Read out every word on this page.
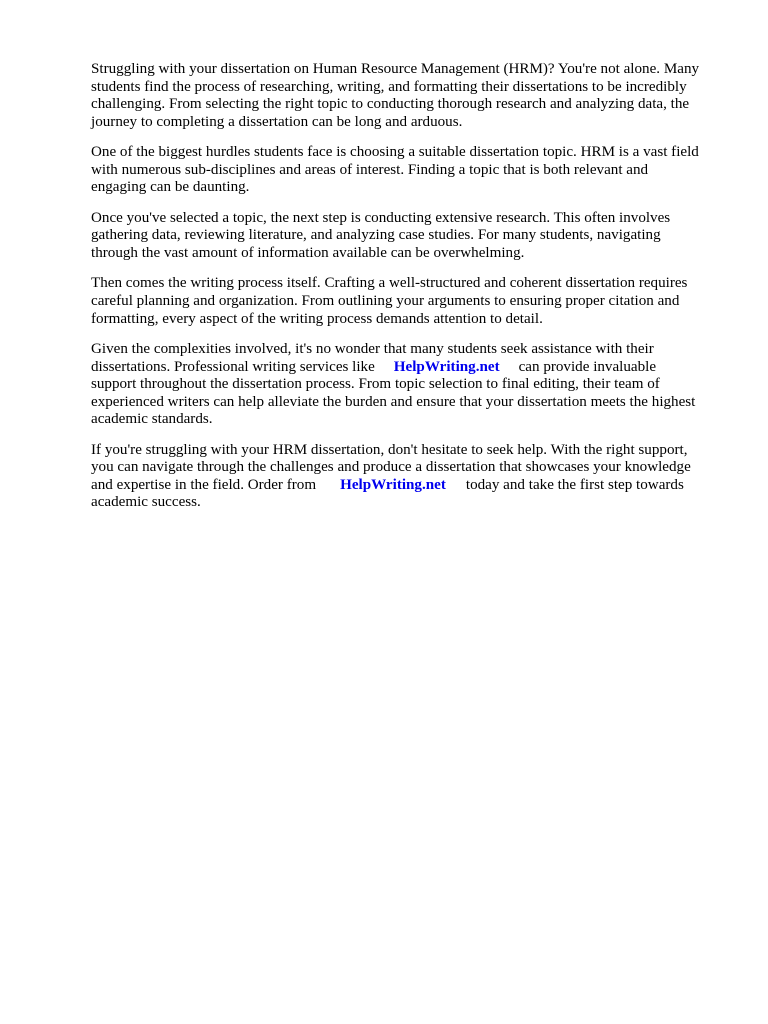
Struggling with your dissertation on Human Resource Management (HRM)? You're not alone. Many
students find the process of researching, writing, and formatting their dissertations to be incredibly
challenging. From selecting the right topic to conducting thorough research and analyzing data, the
journey to completing a dissertation can be long and arduous.

One of the biggest hurdles students face is choosing a suitable dissertation topic. HRM is a vast field
with numerous sub-disciplines and areas of interest. Finding a topic that is both relevant and
engaging can be daunting.

Once you've selected a topic, the next step is conducting extensive research. This often involves
gathering data, reviewing literature, and analyzing case studies. For many students, navigating
through the vast amount of information available can be overwhelming.

Then comes the writing process itself. Crafting a well-structured and coherent dissertation requires
careful planning and organization. From outlining your arguments to ensuring proper citation and
formatting, every aspect of the writing process demands attention to detail.

Given the complexities involved, it's no wonder that many students seek assistance with their
dissertations. Professional writing services like HelpWriting.net can provide invaluable
support throughout the dissertation process. From topic selection to final editing, their team of
experienced writers can help alleviate the burden and ensure that your dissertation meets the highest
academic standards.

If you're struggling with your HRM dissertation, don't hesitate to seek help. With the right support,
you can navigate through the challenges and produce a dissertation that showcases your knowledge
and expertise in the field. Order from HelpWriting.net today and take the first step towards
academic success.
